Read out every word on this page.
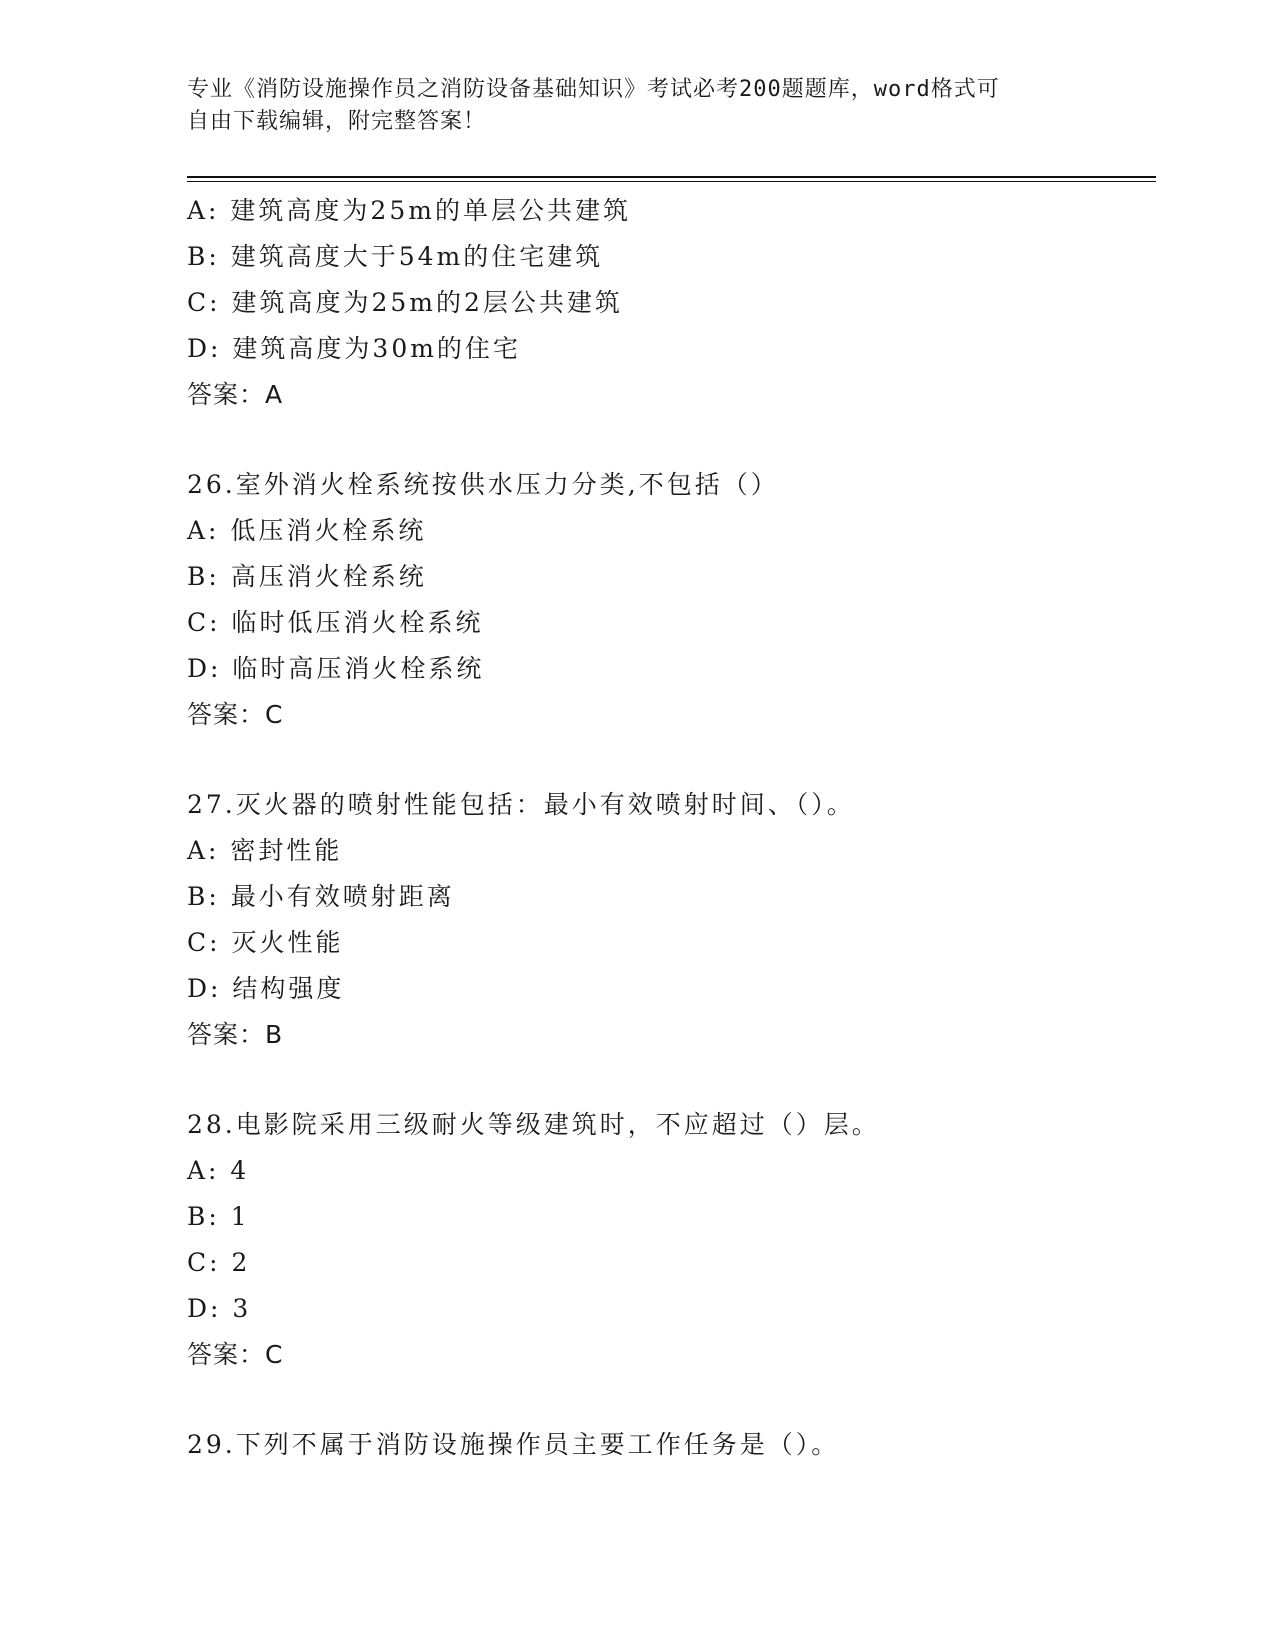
专业《消防设施操作员之消防设备基础知识》考试必考200题题库，word格式可
自由下载编辑，附完整答案！
A: 建筑高度为25m的单层公共建筑
B: 建筑高度大于54m的住宅建筑
C: 建筑高度为25m的2层公共建筑
D: 建筑高度为30m的住宅
答案：A
26.室外消火栓系统按供水压力分类,不包括（）
A: 低压消火栓系统
B: 高压消火栓系统
C: 临时低压消火栓系统
D: 临时高压消火栓系统
答案：C
27.灭火器的喷射性能包括：最小有效喷射时间、（）。
A: 密封性能
B: 最小有效喷射距离
C: 灭火性能
D: 结构强度
答案：B
28.电影院采用三级耐火等级建筑时，不应超过（）层。
A: 4
B: 1
C: 2
D: 3
答案：C
29.下列不属于消防设施操作员主要工作任务是（）。
